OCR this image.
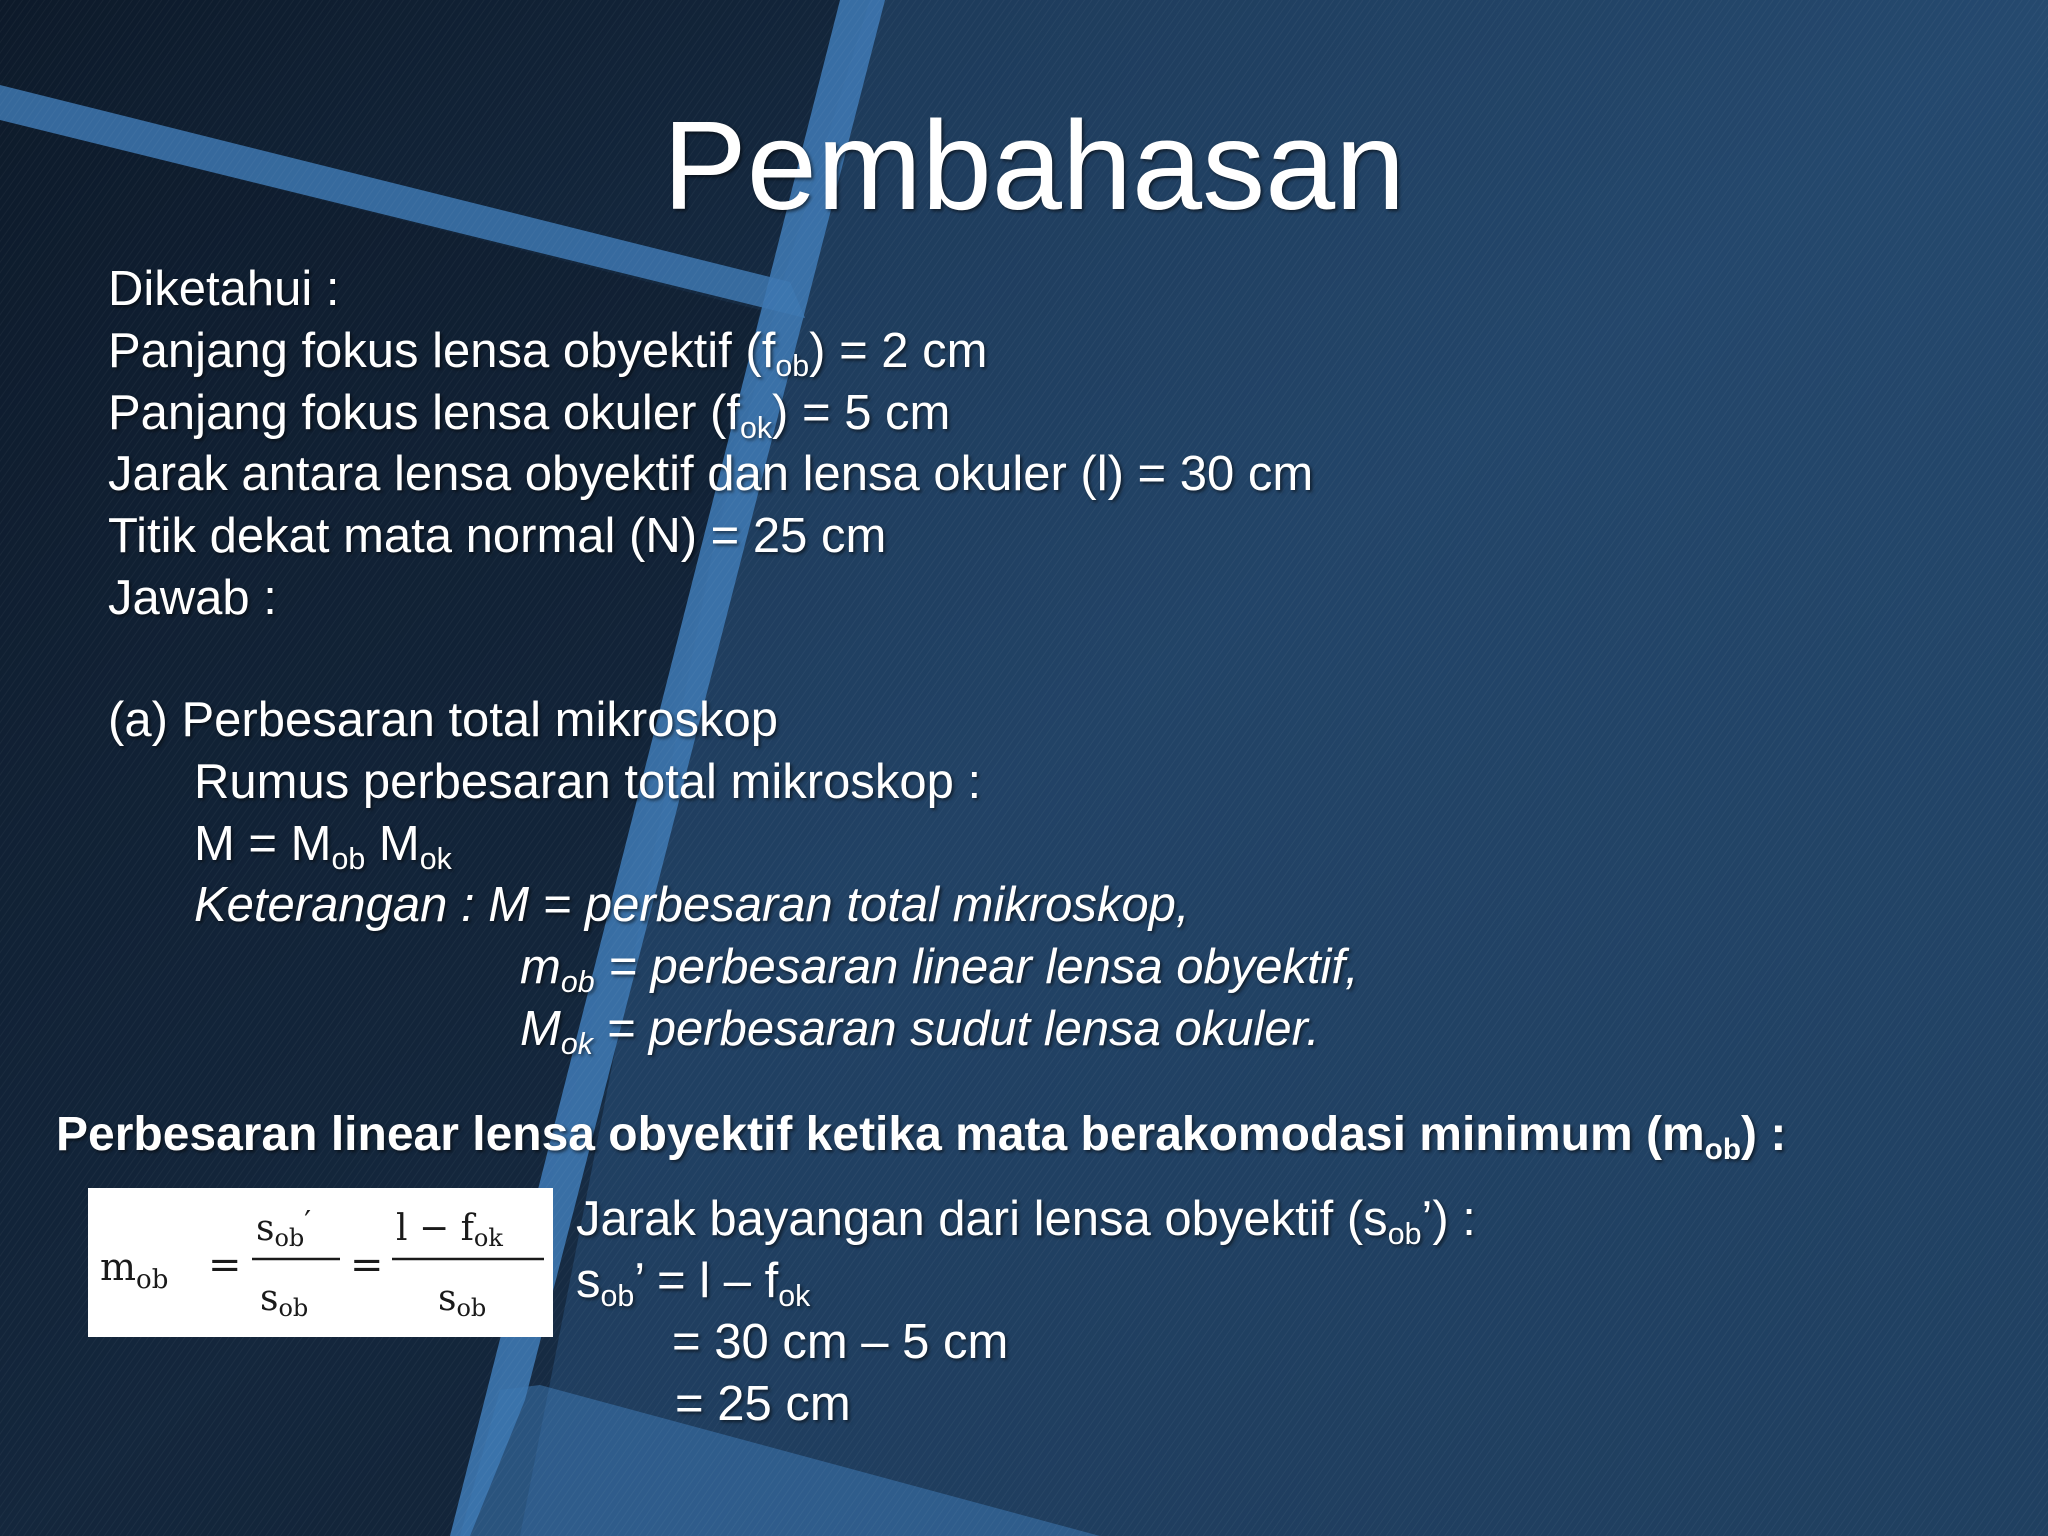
Pembahasan
Diketahui :
Panjang fokus lensa obyektif $(f_{ob}) = 2$ cm
Panjang fokus lensa okuler $(f_{ok}) = 5$ cm
Jarak antara lensa obyektif dan lensa okuler (l) = 30 cm
Titik dekat mata normal (N) = 25 cm
Jawab :
(a) Perbesaran total mikroskop
Rumus perbesaran total mikroskop :
$M = M_{ob}$ $M_{ok}$
Keterangan : M = perbesaran total mikroskop,
$m_{ob}$ = perbesaran linear lensa obyektif,
$M_{ok}$ = perbesaran sudut lensa okuler.
Perbesaran linear lensa obyektif ketika mata berakomodasi minimum $(m_{ob})$ :
$m_{ob}$ =
sob′
sob
=
l − fok
sob
Jarak bayangan dari lensa obyektif $(s_{ob}’)$ :
$s_{ob}$’ = l – $f_{ok}$
= 30 cm – 5 cm
= 25 cm
